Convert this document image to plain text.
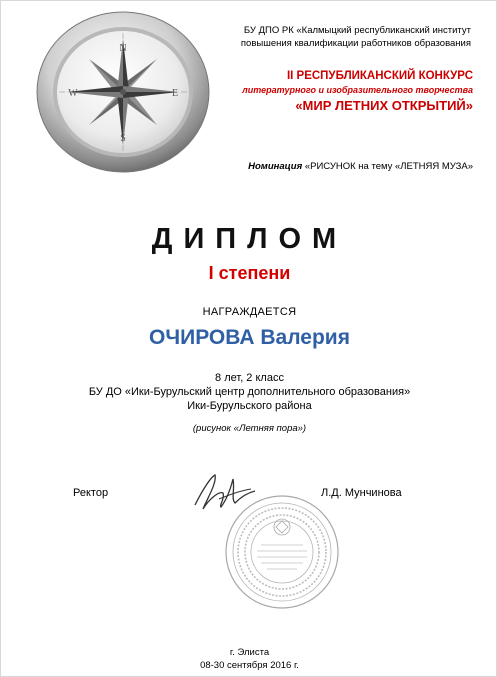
N
S
W	E
БУ ДПО РК «Калмыцкий республиканский институт
повышения квалификации работников образования
II РЕСПУБЛИКАНСКИЙ КОНКУРС
литературного и изобразительного творчества
«МИР ЛЕТНИХ ОТКРЫТИЙ»
Номинация «РИСУНОК на тему «ЛЕТНЯЯ МУЗА»
ДИПЛОМ
I степени
НАГРАЖДАЕТСЯ
ОЧИРОВА Валерия
8 лет, 2 класс
БУ ДО «Ики-Бурульский центр дополнительного образования»
Ики-Бурульского района
(рисунок «Летняя пора»)
Ректор	Л.Д. Мунчинова
г. Элиста
08-30 сентября 2016 г.
